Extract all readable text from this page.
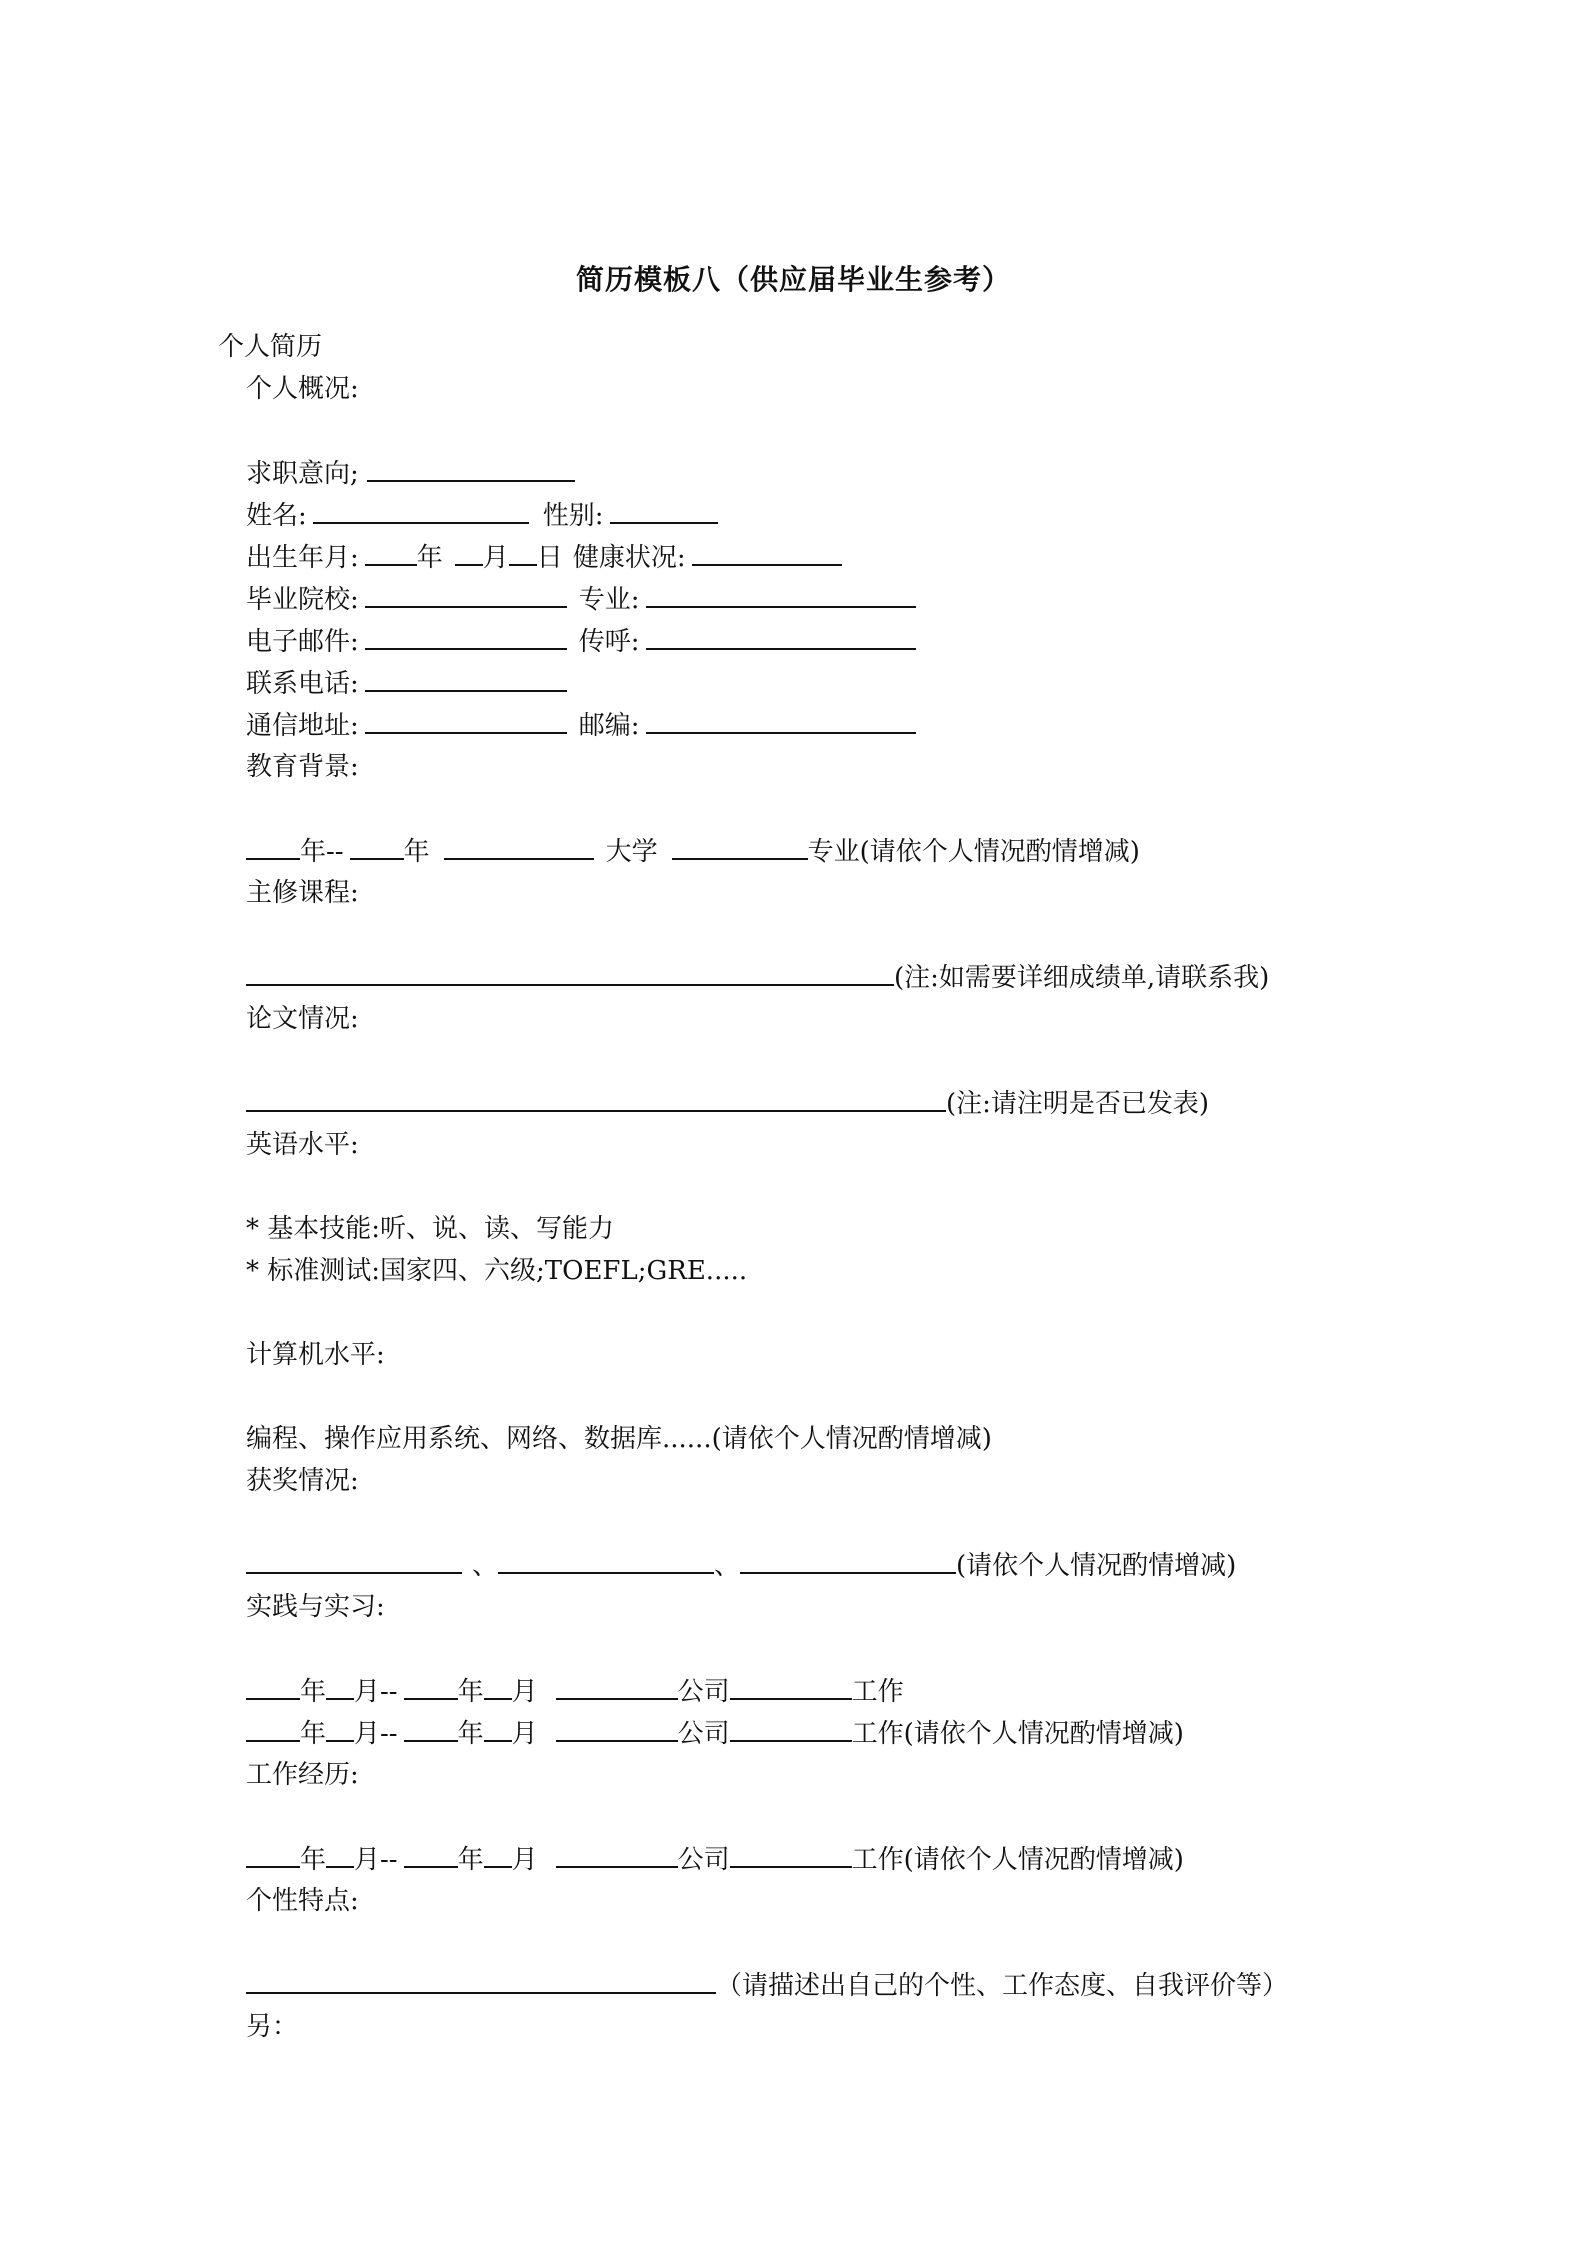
简历模板八（供应届毕业生参考）
个人简历
个人概况:
求职意向;
姓名:	性别:
出生年月: 年 月 日 健康状况:
毕业院校:	专业:
电子邮件:	传呼:
联系电话:
通信地址:	邮编:
教育背景:
年-- 年	大学	专业(请依个人情况酌情增减)
主修课程:
(注:如需要详细成绩单,请联系我)
论文情况:
(注:请注明是否已发表)
英语水平:
* 基本技能:听、说、读、写能力
* 标准测试:国家四、六级;TOEFL;GRE.....
计算机水平:
编程、操作应用系统、网络、数据库......(请依个人情况酌情增减)
获奖情况:
、	、	(请依个人情况酌情增减)
实践与实习:
年 月-- 年 月	公司	工作
年 月-- 年 月	公司	工作(请依个人情况酌情增减)
工作经历:
年 月-- 年 月	公司	工作(请依个人情况酌情增减)
个性特点:
（请描述出自己的个性、工作态度、自我评价等）
另：
